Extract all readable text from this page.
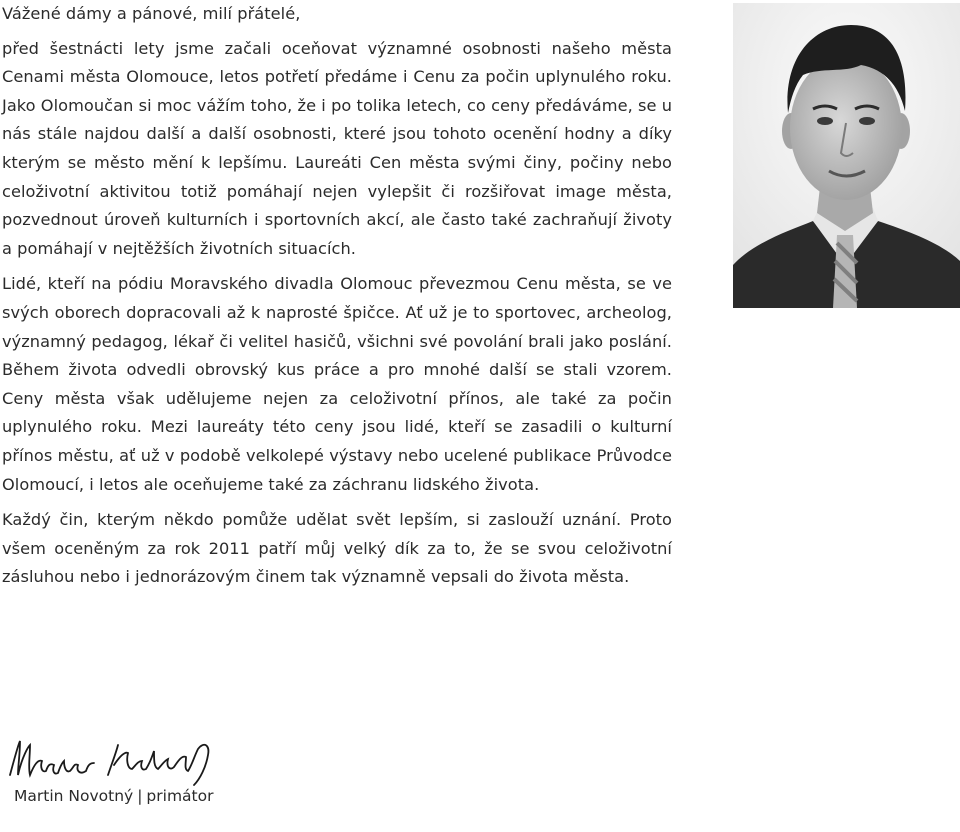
Vážené dámy a pánové, milí přátelé,

před šestnácti lety jsme začali oceňovat významné osobnosti našeho města Cenami města Olomouce, letos potřetí předáme i Cenu za počin uplynulého roku. Jako Olomoučan si moc vážím toho, že i po tolika letech, co ceny předáváme, se u nás stále najdou další a další osobnosti, které jsou tohoto ocenění hodny a díky kterým se město mění k lepšímu. Laureáti Cen města svými činy, počiny nebo celoživotní aktivitou totiž pomáhají nejen vylepšit či rozšiřovat image města, pozvednout úroveň kulturních i sportovních akcí, ale často také zachraňují životy a pomáhají v nejtěžších životních situacích.

Lidé, kteří na pódiu Moravského divadla Olomouc převezmou Cenu města, se ve svých oborech dopracovali až k naprosté špičce. Ať už je to sportovec, archeolog, významný pedagog, lékař či velitel hasičů, všichni své povolání brali jako poslání. Během života odvedli obrovský kus práce a pro mnohé další se stali vzorem. Ceny města však udělujeme nejen za celoživotní přínos, ale také za počin uplynulého roku. Mezi laureáty této ceny jsou lidé, kteří se zasadili o kulturní přínos městu, ať už v podobě velkolepé výstavy nebo ucelené publikace Průvodce Olomoucí, i letos ale oceňujeme také za záchranu lidského života.

Každý čin, kterým někdo pomůže udělat svět lepším, si zaslouží uznání. Proto všem oceněným za rok 2011 patří můj velký dík za to, že se svou celoživotní zásluhou nebo i jednorázovým činem tak významně vepsali do života města.

Martin Novotný | primátor
